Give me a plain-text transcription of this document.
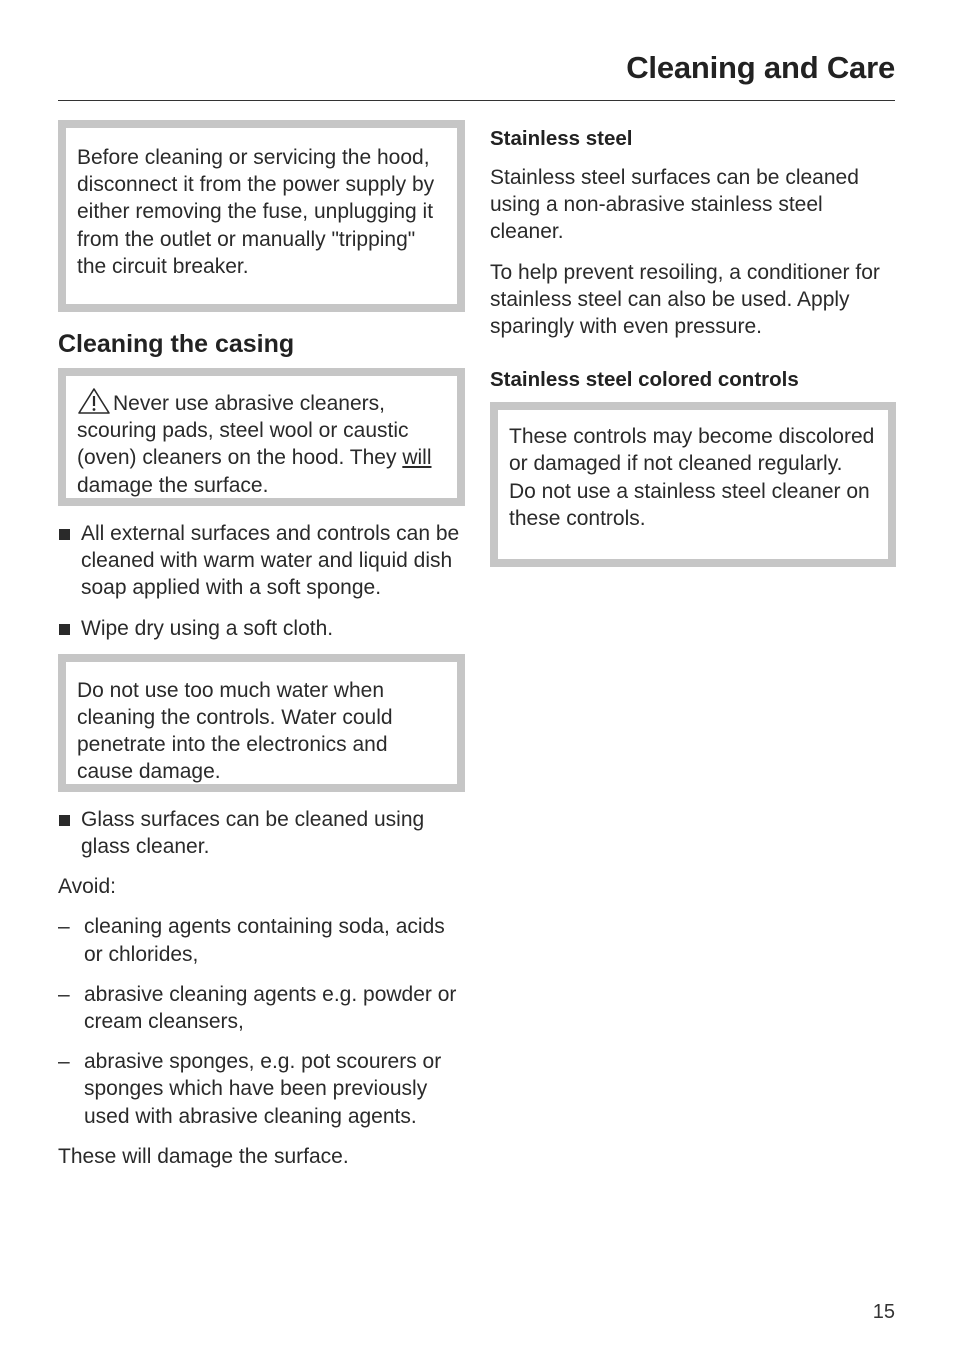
Cleaning and Care

Before cleaning or servicing the hood, disconnect it from the power supply by either removing the fuse, unplugging it from the outlet or manually "tripping" the circuit breaker.

Cleaning the casing

Never use abrasive cleaners, scouring pads, steel wool or caustic (oven) cleaners on the hood. They will damage the surface.

All external surfaces and controls can be cleaned with warm water and liquid dish soap applied with a soft sponge.

Wipe dry using a soft cloth.

Do not use too much water when cleaning the controls. Water could penetrate into the electronics and cause damage.

Glass surfaces can be cleaned using glass cleaner.

Avoid:

– cleaning agents containing soda, acids or chlorides,

– abrasive cleaning agents e.g. powder or cream cleansers,

– abrasive sponges, e.g. pot scourers or sponges which have been previously used with abrasive cleaning agents.

These will damage the surface.

Stainless steel

Stainless steel surfaces can be cleaned using a non-abrasive stainless steel cleaner.

To help prevent resoiling, a conditioner for stainless steel can also be used. Apply sparingly with even pressure.

Stainless steel colored controls

These controls may become discolored or damaged if not cleaned regularly.

Do not use a stainless steel cleaner on these controls.

15
